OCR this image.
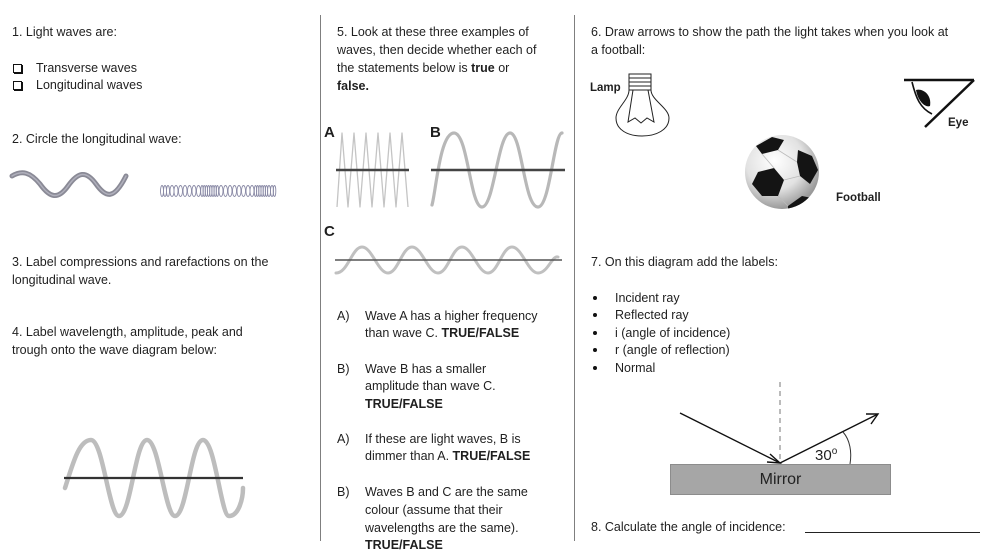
1. Light waves are:
Transverse waves
Longitudinal waves
2. Circle the longitudinal wave:
3. Label compressions and rarefactions on the
longitudinal wave.
4. Label wavelength, amplitude, peak and
trough onto the wave diagram below:
5. Look at these three examples of
waves, then decide whether each of
the statements below is true or
false.
A	B
C
A) Wave A has a higher frequency
than wave C. TRUE/FALSE
B) Wave B has a smaller
amplitude than wave C.
TRUE/FALSE
A) If these are light waves, B is
dimmer than A. TRUE/FALSE
B) Waves B and C are the same
colour (assume that their
wavelengths are the same).
TRUE/FALSE
6. Draw arrows to show the path the light takes when you look at
a football:
Lamp
Eye
Football
7. On this diagram add the labels:
Incident ray
Reflected ray
i (angle of incidence)
r (angle of reflection)
Normal
30$^o$
Mirror
8. Calculate the angle of incidence:
